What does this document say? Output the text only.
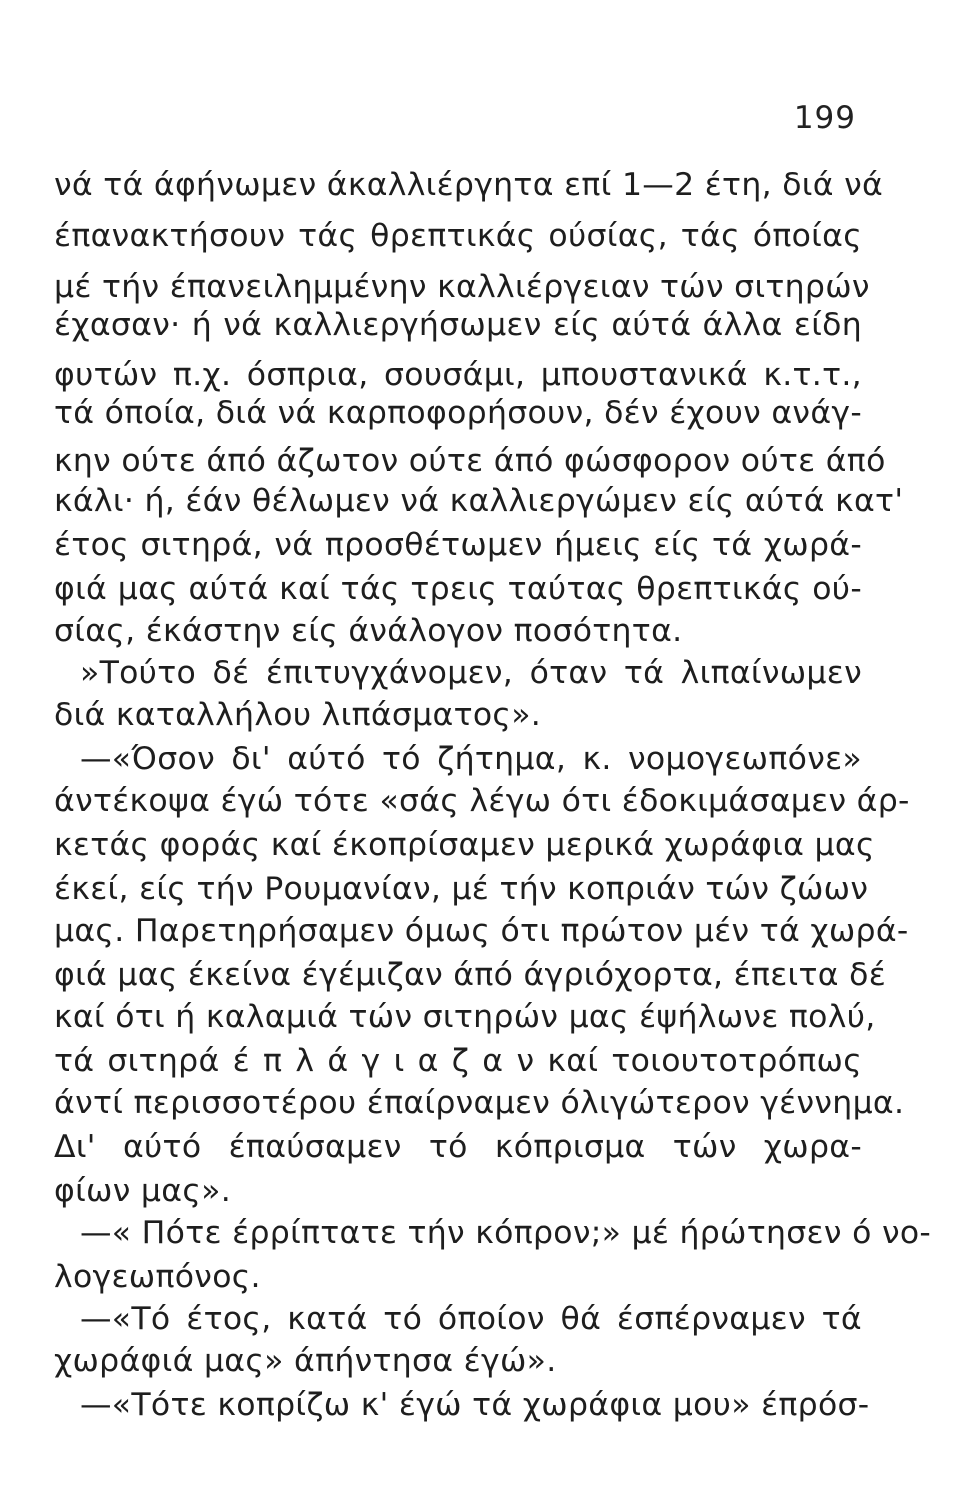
199
νά τά άφήνωμεν άκαλλιέργητα επί 1—2 έτη, διά νά
έπανακτήσουν τάς θρεπτικάς ούσίας, τάς όποίας
μέ τήν έπανειλημμένην καλλιέργειαν τών σιτηρών
έχασαν· ή νά καλλιεργήσωμεν είς αύτά άλλα είδη
φυτών π.χ. όσπρια, σουσάμι, μπουστανικά κ.τ.τ.,
τά όποία, διά νά καρποφορήσουν, δέν έχουν ανάγ-
κην ούτε άπό άζωτον ούτε άπό φώσφορον ούτε άπό
κάλι· ή, έάν θέλωμεν νά καλλιεργώμεν είς αύτά κατ'
έτος σιτηρά, νά προσθέτωμεν ήμεις είς τά χωρά-
φιά μας αύτά καί τάς τρεις ταύτας θρεπτικάς ού-
σίας, έκάστην είς άνάλογον ποσότητα.
»Τούτο δέ έπιτυγχάνομεν, όταν τά λιπαίνωμεν
διά καταλλήλου λιπάσματος».
—«Όσον δι' αύτό τό ζήτημα, κ. νομογεωπόνε»
άντέκοψα έγώ τότε «σάς λέγω ότι έδοκιμάσαμεν άρ-
κετάς φοράς καί έκοπρίσαμεν μερικά χωράφια μας
έκεί, είς τήν Ρουμανίαν, μέ τήν κοπριάν τών ζώων
μας. Παρετηρήσαμεν όμως ότι πρώτον μέν τά χωρά-
φιά μας έκείνα έγέμιζαν άπό άγριόχορτα, έπειτα δέ
καί ότι ή καλαμιά τών σιτηρών μας έψήλωνε πολύ,
τά σιτηρά έ π λ ά γ ι α ζ α ν καί τοιουτοτρόπως
άντί περισσοτέρου έπαίρναμεν όλιγώτερον γέννημα.
Δι' αύτό έπαύσαμεν τό κόπρισμα τών χωρα-
φίων μας».
—« Πότε έρρίπτατε τήν κόπρον;» μέ ήρώτησεν ό νο-
λογεωπόνος.
—«Τό έτος, κατά τό όποίον θά έσπέρναμεν τά
χωράφιά μας» άπήντησα έγώ».
—«Τότε κοπρίζω κ' έγώ τά χωράφια μου» έπρόσ-
